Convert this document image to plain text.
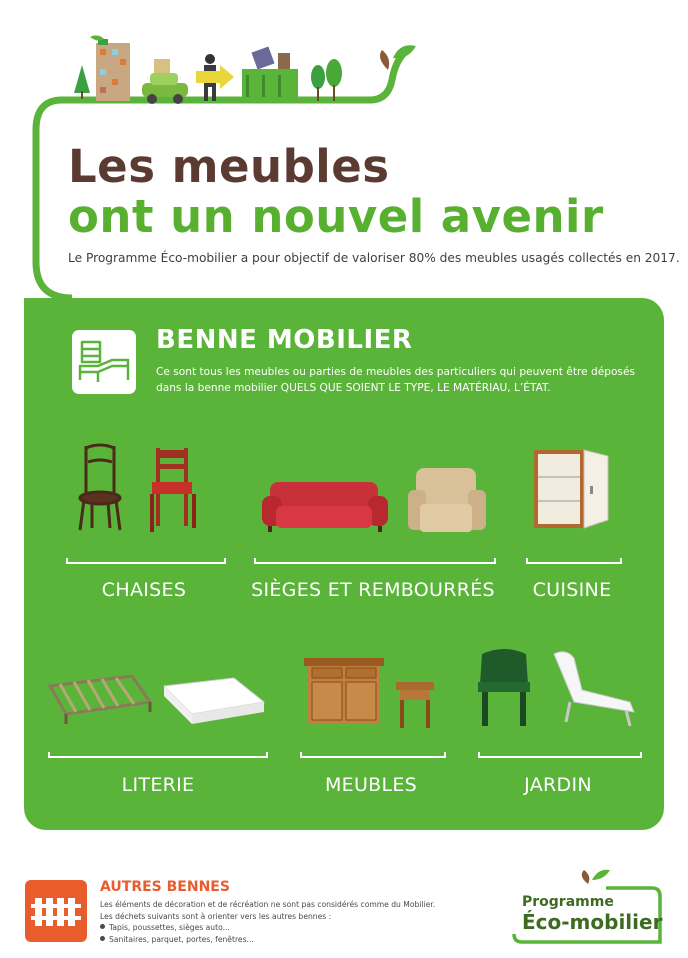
Les meubles
ont un nouvel avenir
Le Programme Éco-mobilier a pour objectif de valoriser 80% des meubles usagés collectés en 2017.
BENNE MOBILIER
Ce sont tous les meubles ou parties de meubles des particuliers qui peuvent être déposés dans la benne mobilier QUELS QUE SOIENT LE TYPE, LE MATÉRIAU, L’ÉTAT.
CHAISES	SIÈGES ET REMBOURRÉS	CUISINE
LITERIE	MEUBLES	JARDIN
AUTRES BENNES
Les éléments de décoration et de récréation ne sont pas considérés comme du Mobilier.
Les déchets suivants sont à orienter vers les autres bennes :
Tapis, poussettes, sièges auto...
Sanitaires, parquet, portes, fenêtres...
Programme
Éco-mobilier
